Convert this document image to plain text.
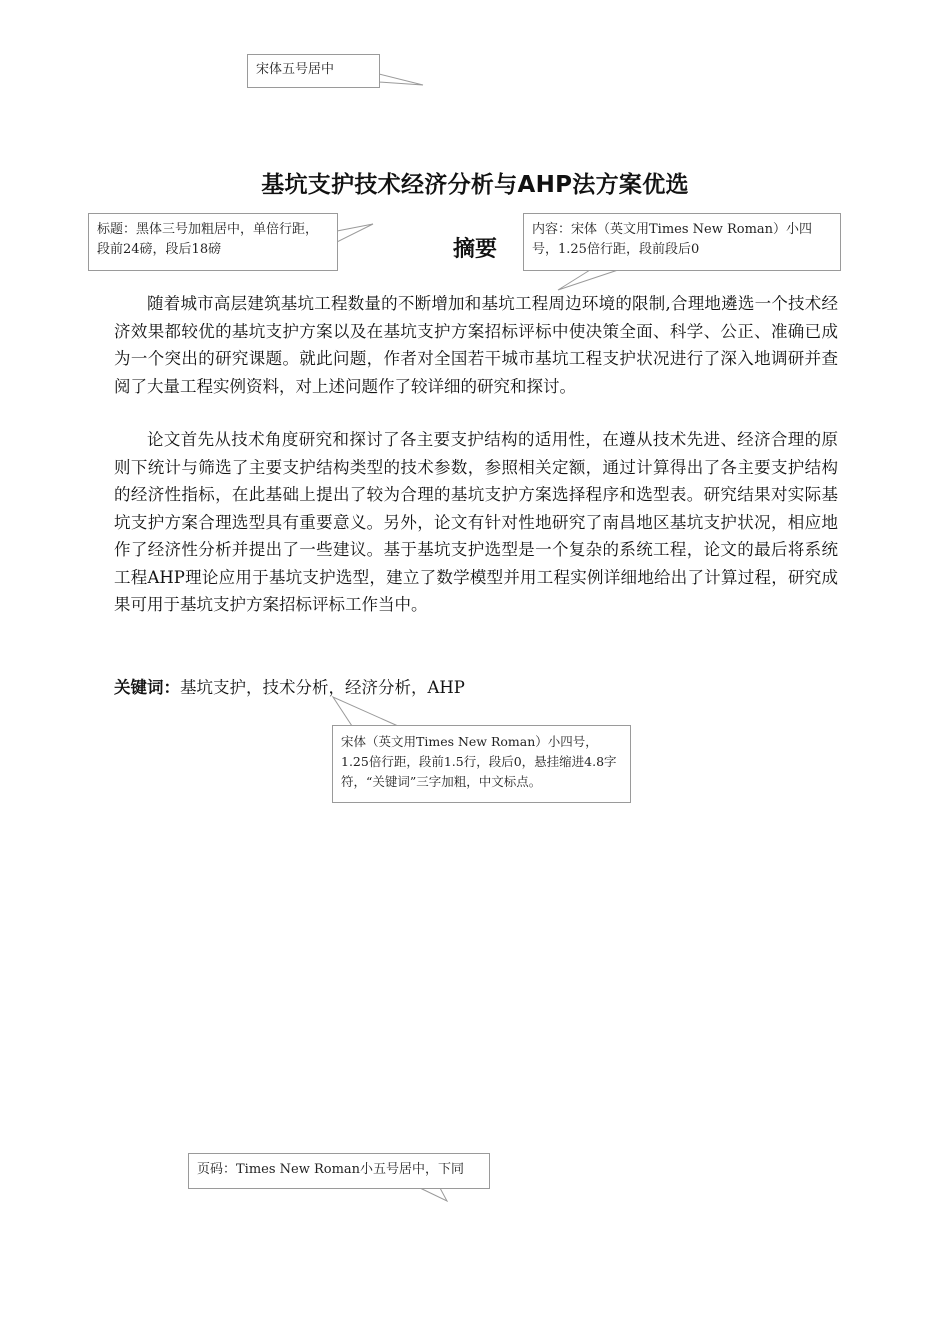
宋体五号居中
标题：黑体三号加粗居中，单倍行距，段前24磅，段后18磅
内容：宋体（英文用Times New Roman）小四号，1.25倍行距，段前段后0
宋体（英文用Times New Roman）小四号，1.25倍行距，段前1.5行，段后0，悬挂缩进4.8字符，“关键词”三字加粗，中文标点。
页码：Times New Roman小五号居中，下同
基坑支护技术经济分析与AHP法方案优选
摘要

随着城市高层建筑基坑工程数量的不断增加和基坑工程周边环境的限制,合理地遴选一个技术经济效果都较优的基坑支护方案以及在基坑支护方案招标评标中使决策全面、科学、公正、准确已成为一个突出的研究课题。就此问题，作者对全国若干城市基坑工程支护状况进行了深入地调研并查阅了大量工程实例资料，对上述问题作了较详细的研究和探讨。

论文首先从技术角度研究和探讨了各主要支护结构的适用性，在遵从技术先进、经济合理的原则下统计与筛选了主要支护结构类型的技术参数，参照相关定额，通过计算得出了各主要支护结构的经济性指标，在此基础上提出了较为合理的基坑支护方案选择程序和选型表。研究结果对实际基坑支护方案合理选型具有重要意义。另外，论文有针对性地研究了南昌地区基坑支护状况，相应地作了经济性分析并提出了一些建议。基于基坑支护选型是一个复杂的系统工程，论文的最后将系统工程AHP理论应用于基坑支护选型，建立了数学模型并用工程实例详细地给出了计算过程，研究成果可用于基坑支护方案招标评标工作当中。

关键词：基坑支护，技术分析，经济分析，AHP
